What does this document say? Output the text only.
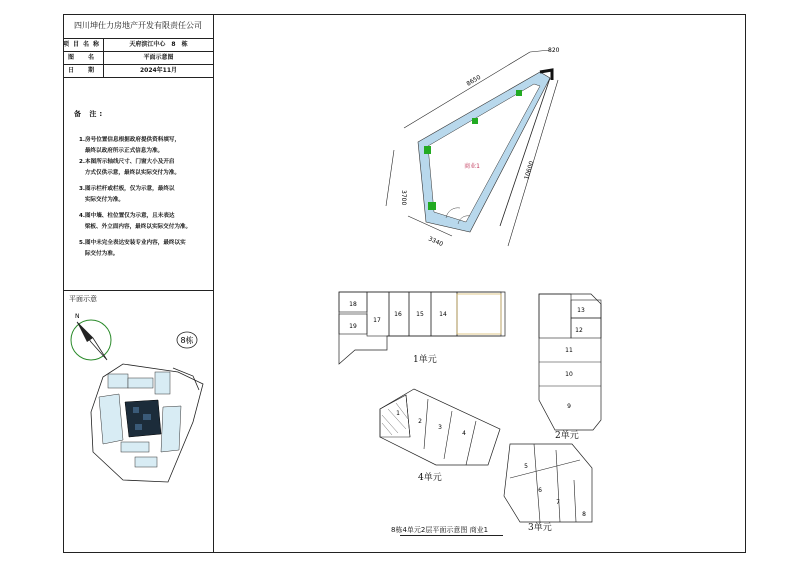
四川坤仕力房地产开发有限责任公司
项目名称	天府滨江中心　8　栋
图　名	平面示意图
日　期	2024年11月
备 注:
1.房号位置信息根据政府提供资料填写，
最终以政府所示正式信息为准。
2.本图所示轴线尺寸、门窗大小及开启
方式仅供示意，最终以实际交付为准。
3.图示栏杆或栏板，仅为示意，最终以
实际交付为准。
4.图中墙、柱位置仅为示意，且未表达
梁板、外立面内容，最终以实际交付为准。
5.图中未完全表达安装专业内容，最终以实
际交付为准。
平面示意
N
8栋
8650
820
3700
10600
3340
商业1
18
19
17
16 15	14
1单元
13
12
11
10
9
2单元
1
2
3
4
4单元
5
6
7
8
3单元
8栋4单元2层平面示意图 商业1
